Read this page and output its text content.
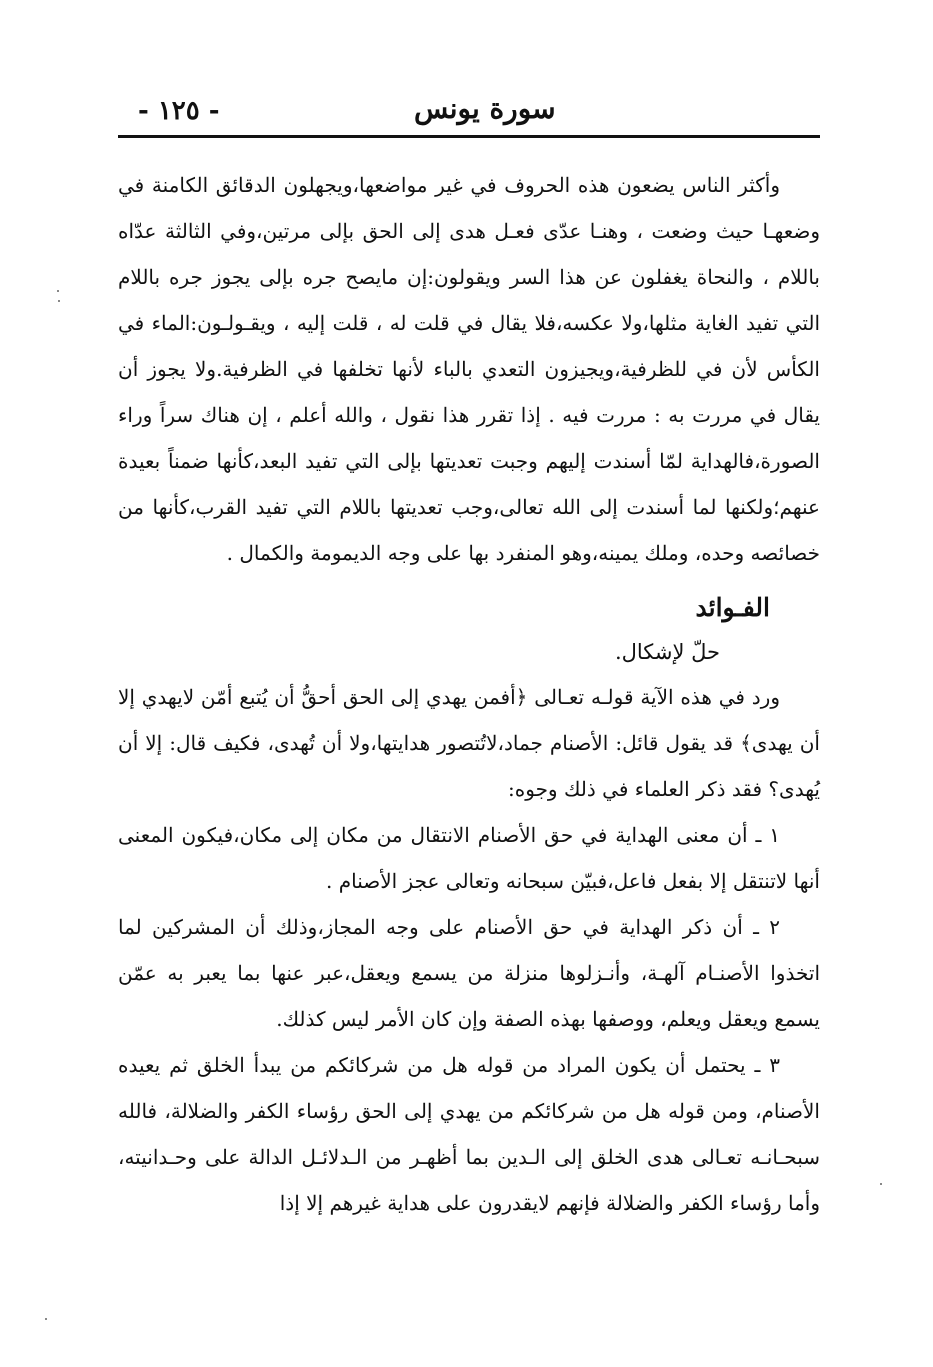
- ١٢٥ -	سورة يونس

وأكثر الناس يضعون هذه الحروف في غير مواضعها،ويجهلون الدقائق الكامنة في وضعهـا حيث وضعت ، وهنـا عدّى فعـل هدى إلى الحق بإلى مرتين،وفي الثالثة عدّاه باللام ، والنحاة يغفلون عن هذا السر ويقولون:إن مايصح جره بإلى يجوز جره باللام التي تفيد الغاية مثلها،ولا عكسه،فلا يقال في قلت له ، قلت إليه ، ويقـولـون:الماء في الكأس لأن في للظرفية،ويجيزون التعدي بالباء لأنها تخلفها في الظرفية.ولا يجوز أن يقال في مررت به : مررت فيه . إذا تقرر هذا نقول ، والله أعلم ، إن هناك سراً وراء الصورة،فالهداية لمّا أسندت إليهم وجبت تعديتها بإلى التي تفيد البعد،كأنها ضمناً بعيدة عنهم؛ولكنها لما أسندت إلى الله تعالى،وجب تعديتها باللام التي تفيد القرب،كأنها من خصائصه وحده، وملك يمينه،وهو المنفرد بها على وجه الديمومة والكمال .

الفـوائد

حلّ لإشكال.

ورد في هذه الآية قولـه تعـالى ﴿أفمن يهدي إلى الحق أحقُّ أن يُتبع أمّن لايهدي إلا أن يهدى﴾ قد يقول قائل: الأصنام جماد،لاتُتصور هدايتها،ولا أن تُهدى، فكيف قال: إلا أن يُهدى؟ فقد ذكر العلماء في ذلك وجوه:

١ ـ أن معنى الهداية في حق الأصنام الانتقال من مكان إلى مكان،فيكون المعنى أنها لاتنتقل إلا بفعل فاعل،فبيّن سبحانه وتعالى عجز الأصنام .

٢ ـ أن ذكر الهداية في حق الأصنام على وجه المجاز،وذلك أن المشركين لما اتخذوا الأصنـام آلهـة، وأنـزلوها منزلة من يسمع ويعقل،عبر عنها بما يعبر به عمّن يسمع ويعقل ويعلم، ووصفها بهذه الصفة وإن كان الأمر ليس كذلك.

٣ ـ يحتمل أن يكون المراد من قوله هل من شركائكم من يبدأ الخلق ثم يعيده الأصنام، ومن قوله هل من شركائكم من يهدي إلى الحق رؤساء الكفر والضلالة، فالله سبحـانـه تعـالى هدى الخلق إلى الـدين بما أظهـر من الـدلائـل الدالة على وحـدانيته، وأما رؤساء الكفر والضلالة فإنهم لايقدرون على هداية غيرهم إلا إذا
